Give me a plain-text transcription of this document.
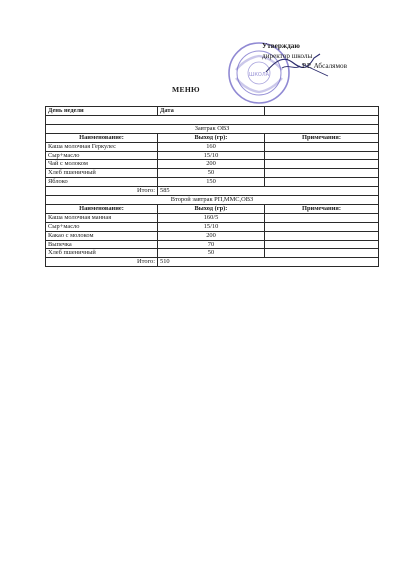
ШКОЛА
Утверждаю
директор школы
Р.Р. Абсалямов
МЕНЮ
День недели	Дата	

Завтрак ОВЗ		
Наименование:	Выход (гр):	Примечания:
Каша молочная Геркулес	160	
Сыр+масло	15/10	
Чай с молоком	200	
Хлеб пшеничный	50	
Яблоко	150	
Итого:	585	
Второй завтрак РП,ММС,ОВЗ		
Наименование:	Выход (гр):	Примечания:
Каша молочная манная	160/5	
Сыр+масло	15/10	
Какао с молоком	200	
Выпечка	70	
Хлеб пшеничный	50	
Итого:	510	
